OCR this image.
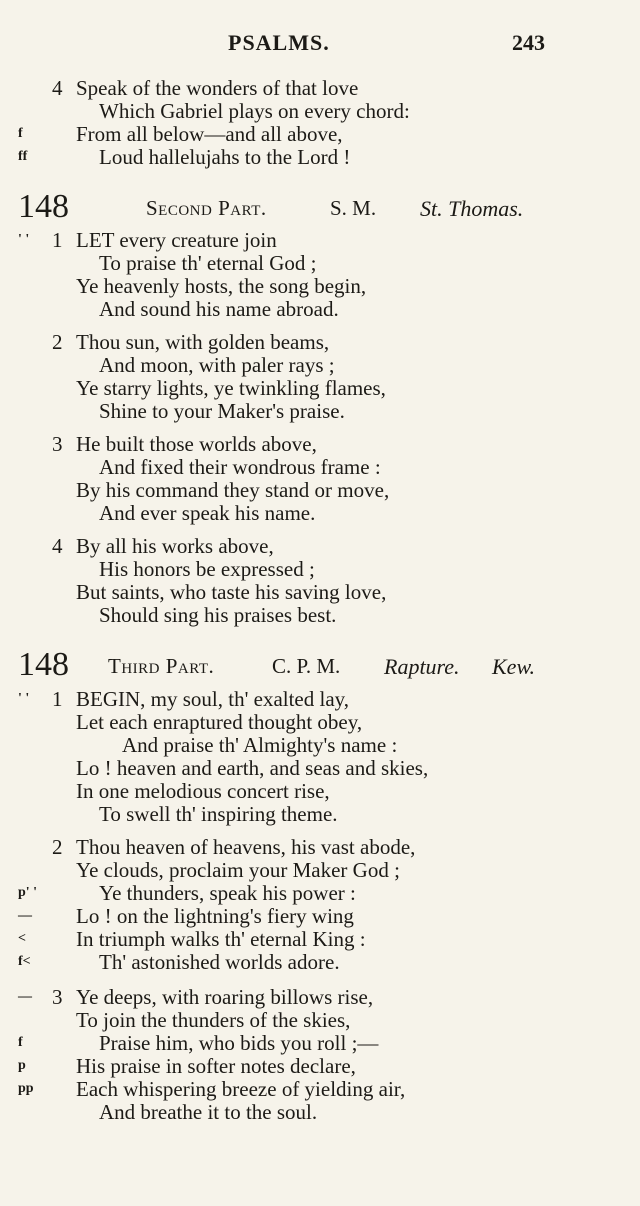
PSALMS.	243
4 Speak of the wonders of that love
Which Gabriel plays on every chord:
f	From all below—and all above,
ff	Loud hallelujahs to the Lord !
148	Second Part.	S. M. St. Thomas.
' ' 1 LET every creature join
To praise th' eternal God ;
Ye heavenly hosts, the song begin,
And sound his name abroad.
2 Thou sun, with golden beams,
And moon, with paler rays ;
Ye starry lights, ye twinkling flames,
Shine to your Maker's praise.
3 He built those worlds above,
And fixed their wondrous frame :
By his command they stand or move,
And ever speak his name.
4 By all his works above,
His honors be expressed ;
But saints, who taste his saving love,
Should sing his praises best.
148 Third Part.	C. P. M. Rapture. Kew.
' ' 1 BEGIN, my soul, th' exalted lay,
Let each enraptured thought obey,
And praise th' Almighty's name :
Lo ! heaven and earth, and seas and skies,
In one melodious concert rise,
To swell th' inspiring theme.
2 Thou heaven of heavens, his vast abode,
Ye clouds, proclaim your Maker God ;
p' '	Ye thunders, speak his power :
— Lo ! on the lightning's fiery wing
< In triumph walks th' eternal King :
f<	Th' astonished worlds adore.
— 3 Ye deeps, with roaring billows rise,
To join the thunders of the skies,
f	Praise him, who bids you roll ;—
p His praise in softer notes declare,
pp Each whispering breeze of yielding air,
And breathe it to the soul.
